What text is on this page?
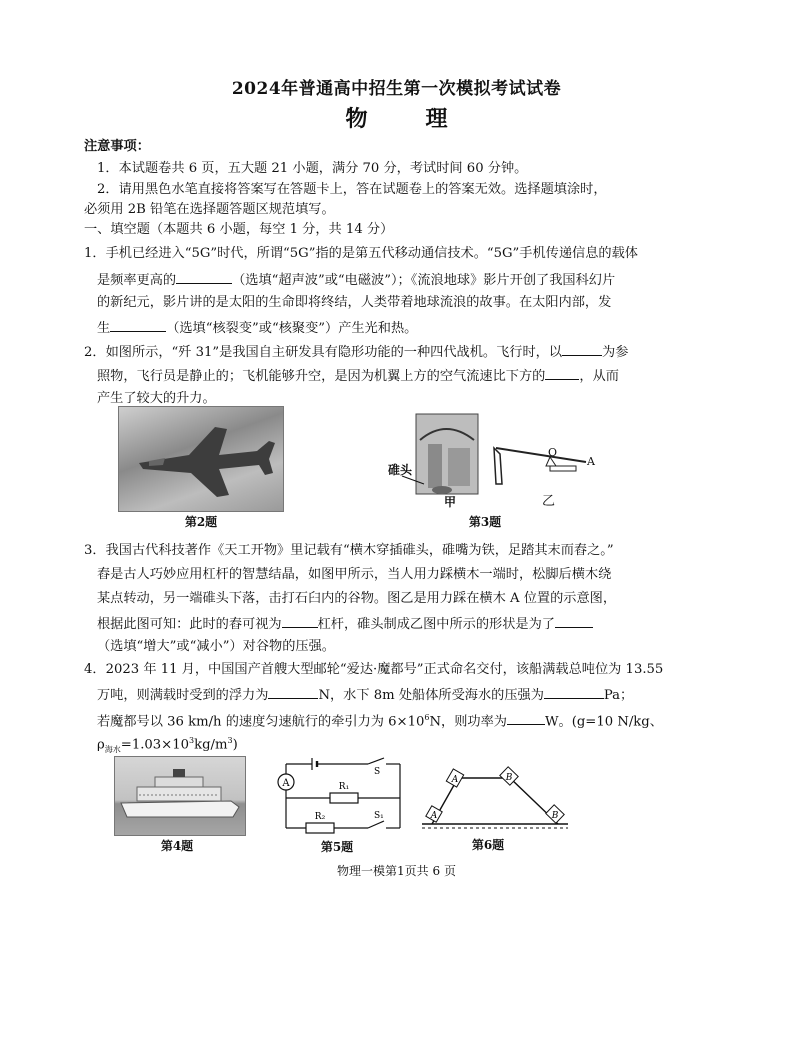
2024年普通高中招生第一次模拟考试试卷
物　理
注意事项：
1．本试题卷共 6 页，五大题 21 小题，满分 70 分，考试时间 60 分钟。
2．请用黑色水笔直接将答案写在答题卡上，答在试题卷上的答案无效。选择题填涂时，
必须用 2B 铅笔在选择题答题区规范填写。
一、填空题（本题共 6 小题，每空 1 分，共 14 分）
1．手机已经进入“5G”时代，所谓“5G”指的是第五代移动通信技术。“5G”手机传递信息的载体
是频率更高的	（选填“超声波”或“电磁波”）；《流浪地球》影片开创了我国科幻片
的新纪元，影片讲的是太阳的生命即将终结，人类带着地球流浪的故事。在太阳内部，发
生	（选填“核裂变”或“核聚变”）产生光和热。
2．如图所示，“歼 31”是我国自主研发具有隐形功能的一种四代战机。飞行时，以	为参
照物，飞行员是静止的；飞机能够升空，是因为机翼上方的空气流速比下方的	，从而
产生了较大的升力。
第2题
碓头
甲
O
A
乙
第3题
3．我国古代科技著作《天工开物》里记载有“横木穿插碓头，碓嘴为铁，足踏其末而舂之。”
舂是古人巧妙应用杠杆的智慧结晶，如图甲所示，当人用力踩横木一端时，松脚后横木绕
某点转动，另一端碓头下落，击打石臼内的谷物。图乙是用力踩在横木 A 位置的示意图，
根据此图可知：此时的舂可视为	杠杆，碓头制成乙图中所示的形状是为了
（选填“增大”或“减小”）对谷物的压强。
4．2023 年 11 月，中国国产首艘大型邮轮“爱达·魔都号”正式命名交付，该船满载总吨位为 13.55
万吨，则满载时受到的浮力为	N，水下 8m 处船体所受海水的压强为	Pa；
若魔都号以 36 km/h 的速度匀速航行的牵引力为 $6\times 10^6N$，则功率为	W。(g=10 N/kg、
$\rho_{海水}=1.03\times 10^3kg/m^3$)
第4题
A	R₁
R₂
S
S₁
第5题
A	B
A	B
第6题
物理一模第1页共 6 页
